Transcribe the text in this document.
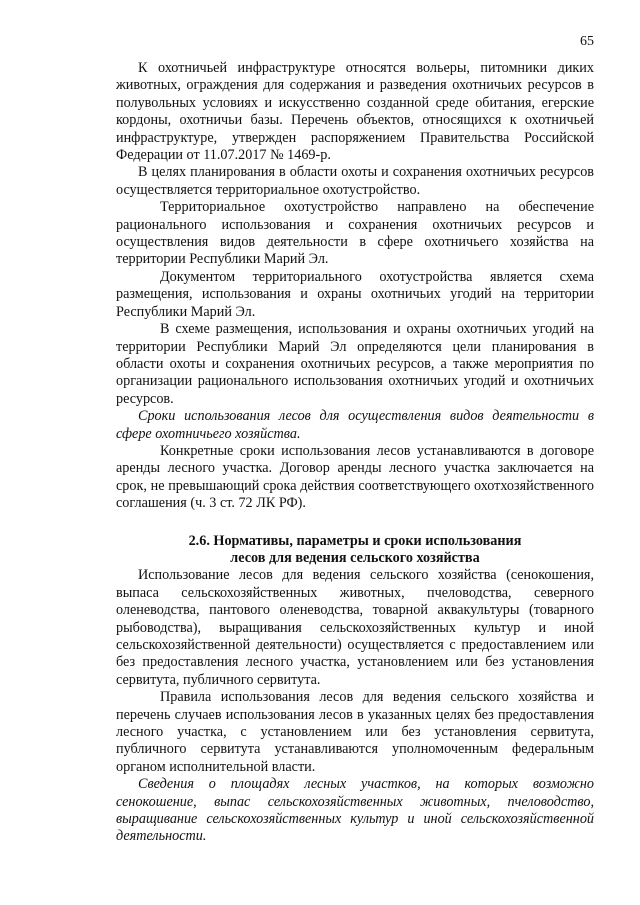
65

К охотничьей инфраструктуре относятся вольеры, питомники диких животных, ограждения для содержания и разведения охотничьих ресурсов в полувольных условиях и искусственно созданной среде обитания, егерские кордоны, охотничьи базы. Перечень объектов, относящихся к охотничьей инфраструктуре, утвержден распоряжением Правительства Российской Федерации от 11.07.2017 № 1469-р.

В целях планирования в области охоты и сохранения охотничьих ресурсов осуществляется территориальное охотустройство.

Территориальное охотустройство направлено на обеспечение рационального использования и сохранения охотничьих ресурсов и осуществления видов деятельности в сфере охотничьего хозяйства на территории Республики Марий Эл.

Документом территориального охотустройства является схема размещения, использования и охраны охотничьих угодий на территории Республики Марий Эл.

В схеме размещения, использования и охраны охотничьих угодий на территории Республики Марий Эл определяются цели планирования в области охоты и сохранения охотничьих ресурсов, а также мероприятия по организации рационального использования охотничьих угодий и охотничьих ресурсов.

Сроки использования лесов для осуществления видов деятельности в сфере охотничьего хозяйства.

Конкретные сроки использования лесов устанавливаются в договоре аренды лесного участка. Договор аренды лесного участка заключается на срок, не превышающий срока действия соответствующего охотхозяйственного соглашения (ч. 3 ст. 72 ЛК РФ).

2.6. Нормативы, параметры и сроки использования
лесов для ведения сельского хозяйства

Использование лесов для ведения сельского хозяйства (сенокошения, выпаса сельскохозяйственных животных, пчеловодства, северного оленеводства, пантового оленеводства, товарной аквакультуры (товарного рыбоводства), выращивания сельскохозяйственных культур и иной сельскохозяйственной деятельности) осуществляется с предоставлением или без предоставления лесного участка, установлением или без установления сервитута, публичного сервитута.

Правила использования лесов для ведения сельского хозяйства и перечень случаев использования лесов в указанных целях без предоставления лесного участка, с установлением или без установления сервитута, публичного сервитута устанавливаются уполномоченным федеральным органом исполнительной власти.

Сведения о площадях лесных участков, на которых возможно сенокошение, выпас сельскохозяйственных животных, пчеловодство, выращивание сельскохозяйственных культур и иной сельскохозяйственной деятельности.
